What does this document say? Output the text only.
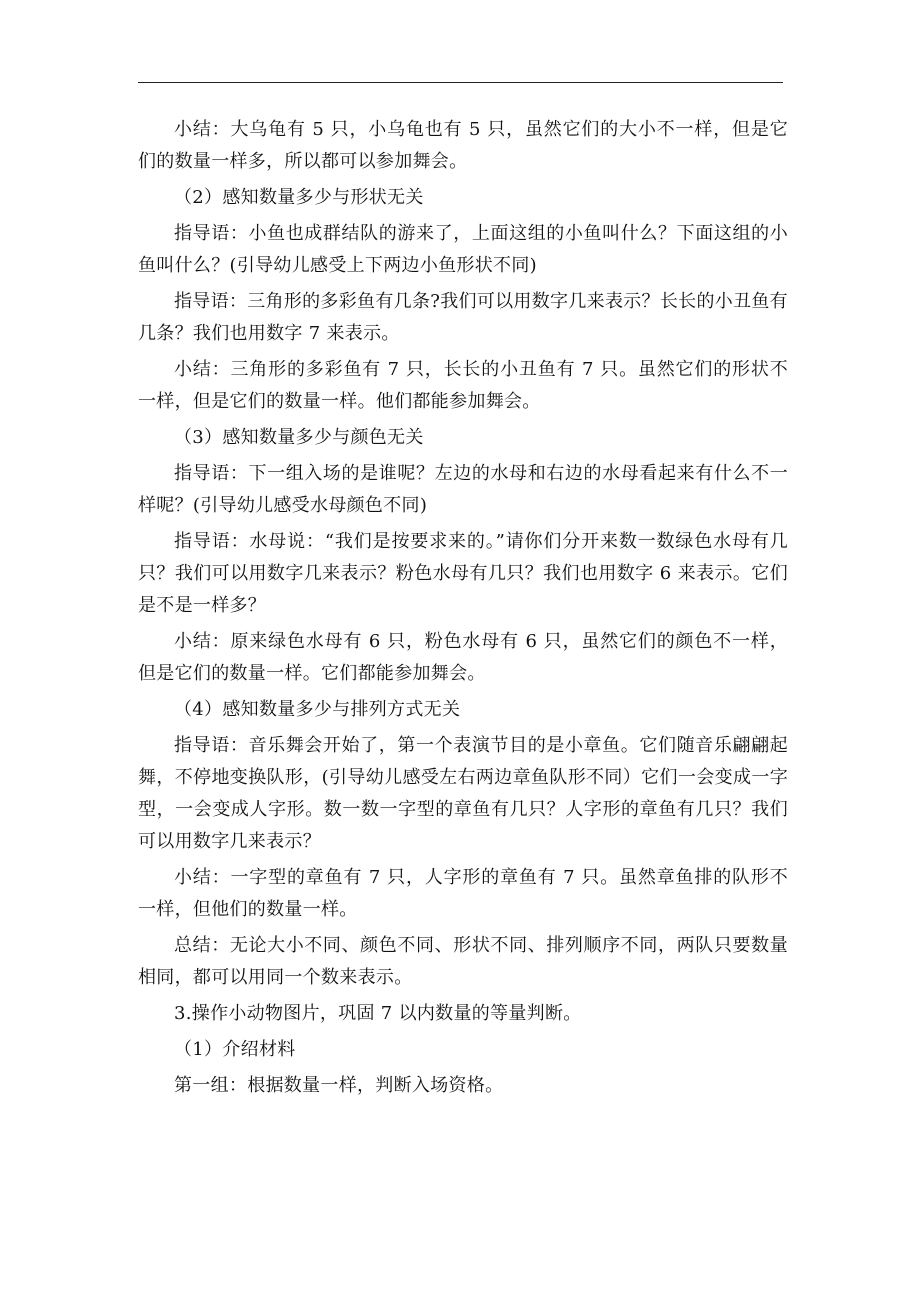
小结：大乌龟有 5 只，小乌龟也有 5 只，虽然它们的大小不一样，但是它们的数量一样多，所以都可以参加舞会。

（2）感知数量多少与形状无关

指导语：小鱼也成群结队的游来了，上面这组的小鱼叫什么？下面这组的小鱼叫什么？(引导幼儿感受上下两边小鱼形状不同)

指导语：三角形的多彩鱼有几条?我们可以用数字几来表示？长长的小丑鱼有几条？我们也用数字 7 来表示。

小结：三角形的多彩鱼有 7 只，长长的小丑鱼有 7 只。虽然它们的形状不一样，但是它们的数量一样。他们都能参加舞会。

（3）感知数量多少与颜色无关

指导语：下一组入场的是谁呢？左边的水母和右边的水母看起来有什么不一样呢？(引导幼儿感受水母颜色不同)

指导语：水母说：“我们是按要求来的。”请你们分开来数一数绿色水母有几只？我们可以用数字几来表示？粉色水母有几只？我们也用数字 6 来表示。它们是不是一样多？

小结：原来绿色水母有 6 只，粉色水母有 6 只，虽然它们的颜色不一样，但是它们的数量一样。它们都能参加舞会。

（4）感知数量多少与排列方式无关

指导语：音乐舞会开始了，第一个表演节目的是小章鱼。它们随音乐翩翩起舞，不停地变换队形，(引导幼儿感受左右两边章鱼队形不同）它们一会变成一字型，一会变成人字形。数一数一字型的章鱼有几只？人字形的章鱼有几只？我们可以用数字几来表示？

小结：一字型的章鱼有 7 只，人字形的章鱼有 7 只。虽然章鱼排的队形不一样，但他们的数量一样。

总结：无论大小不同、颜色不同、形状不同、排列顺序不同，两队只要数量相同，都可以用同一个数来表示。

3.操作小动物图片，巩固 7 以内数量的等量判断。

（1）介绍材料

第一组：根据数量一样，判断入场资格。
